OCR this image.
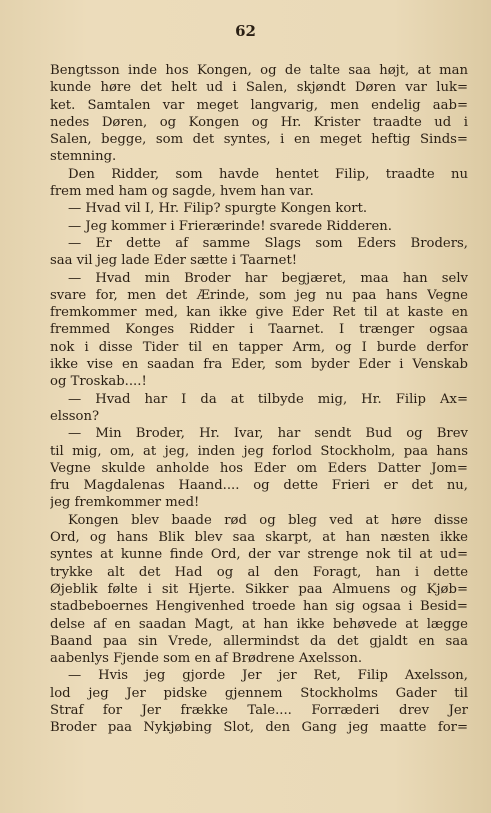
62
Bengtsson inde hos Kongen, og de talte saa højt, at man
kunde høre det helt ud i Salen, skjøndt Døren var luk=
ket. Samtalen var meget langvarig, men endelig aab=
nedes Døren, og Kongen og Hr. Krister traadte ud i
Salen, begge, som det syntes, i en meget heftig Sinds=
stemning.
Den Ridder, som havde hentet Filip, traadte nu
frem med ham og sagde, hvem han var.
— Hvad vil I, Hr. Filip? spurgte Kongen kort.
— Jeg kommer i Frierærinde! svarede Ridderen.
— Er dette af samme Slags som Eders Broders,
saa vil jeg lade Eder sætte i Taarnet!
— Hvad min Broder har begjæret, maa han selv
svare for, men det Ærinde, som jeg nu paa hans Vegne
fremkommer med, kan ikke give Eder Ret til at kaste en
fremmed Konges Ridder i Taarnet. I trænger ogsaa
nok i disse Tider til en tapper Arm, og I burde derfor
ikke vise en saadan fra Eder, som byder Eder i Venskab
og Troskab....!
— Hvad har I da at tilbyde mig, Hr. Filip Ax=
elsson?
— Min Broder, Hr. Ivar, har sendt Bud og Brev
til mig, om, at jeg, inden jeg forlod Stockholm, paa hans
Vegne skulde anholde hos Eder om Eders Datter Jom=
fru Magdalenas Haand.... og dette Frieri er det nu,
jeg fremkommer med!
Kongen blev baade rød og bleg ved at høre disse
Ord, og hans Blik blev saa skarpt, at han næsten ikke
syntes at kunne finde Ord, der var strenge nok til at ud=
trykke alt det Had og al den Foragt, han i dette
Øjeblik følte i sit Hjerte. Sikker paa Almuens og Kjøb=
stadbeboernes Hengivenhed troede han sig ogsaa i Besid=
delse af en saadan Magt, at han ikke behøvede at lægge
Baand paa sin Vrede, allermindst da det gjaldt en saa
aabenlys Fjende som en af Brødrene Axelsson.
— Hvis jeg gjorde Jer jer Ret, Filip Axelsson,
lod jeg Jer pidske gjennem Stockholms Gader til
Straf for Jer frække Tale.... Forræderi drev Jer
Broder paa Nykjøbing Slot, den Gang jeg maatte for=
